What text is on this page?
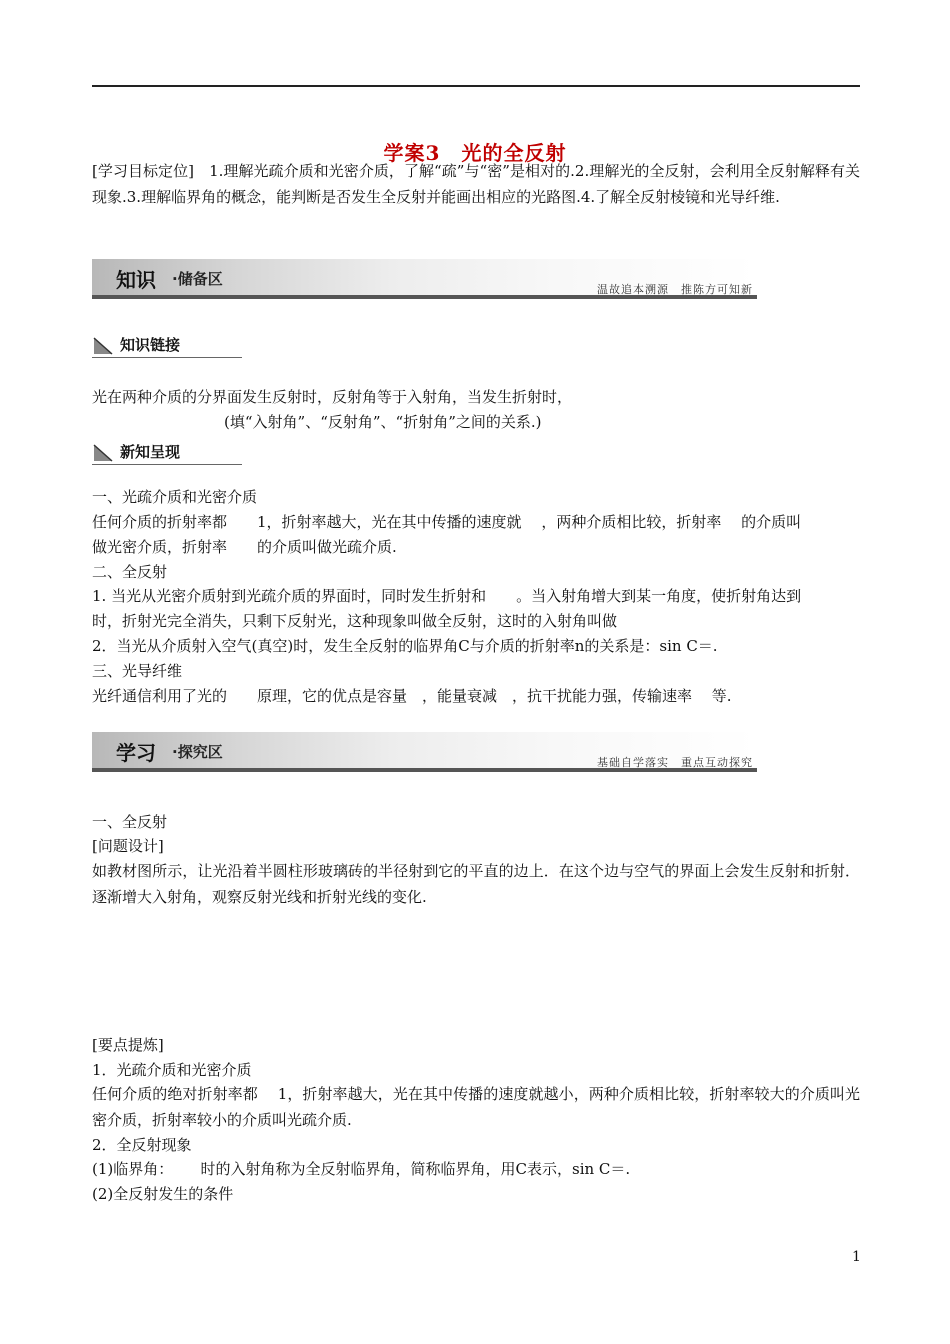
学案3　光的全反射

[学习目标定位]　1.理解光疏介质和光密介质，了解“疏”与“密”是相对的.2.理解光的全反射，会利用全反射解释有关现象.3.理解临界角的概念，能判断是否发生全反射并能画出相应的光路图.4.了解全反射棱镜和光导纤维.

知识 ·储备区
温故追本溯源　推陈方可知新
知识链接

光在两种介质的分界面发生反射时，反射角等于入射角，当发生折射时，

(填“入射角”、“反射角”、“折射角”之间的关系.)

新知呈现

一、光疏介质和光密介质

任何介质的折射率都　　1，折射率越大，光在其中传播的速度就　 ，两种介质相比较，折射率　 的介质叫

做光密介质，折射率　　的介质叫做光疏介质.

二、全反射

1. 当光从光密介质射到光疏介质的界面时，同时发生折射和　　。当入射角增大到某一角度，使折射角达到

时，折射光完全消失，只剩下反射光，这种现象叫做全反射，这时的入射角叫做

2．当光从介质射入空气(真空)时，发生全反射的临界角C与介质的折射率n的关系是：sin C＝.

三、光导纤维

光纤通信利用了光的　　原理，它的优点是容量　，能量衰减　，抗干扰能力强，传输速率　 等.

学习 ·探究区
基础自学落实　重点互动探究

一、全反射

[问题设计]

如教材图所示，让光沿着半圆柱形玻璃砖的半径射到它的平直的边上．在这个边与空气的界面上会发生反射和折射．逐渐增大入射角，观察反射光线和折射光线的变化.

[要点提炼]

1．光疏介质和光密介质

任何介质的绝对折射率都　 1，折射率越大，光在其中传播的速度就越小，两种介质相比较，折射率较大的介质叫光密介质，折射率较小的介质叫光疏介质.

2．全反射现象

(1)临界角：　　 时的入射角称为全反射临界角，简称临界角，用C表示，sin C＝.

(2)全反射发生的条件

1
